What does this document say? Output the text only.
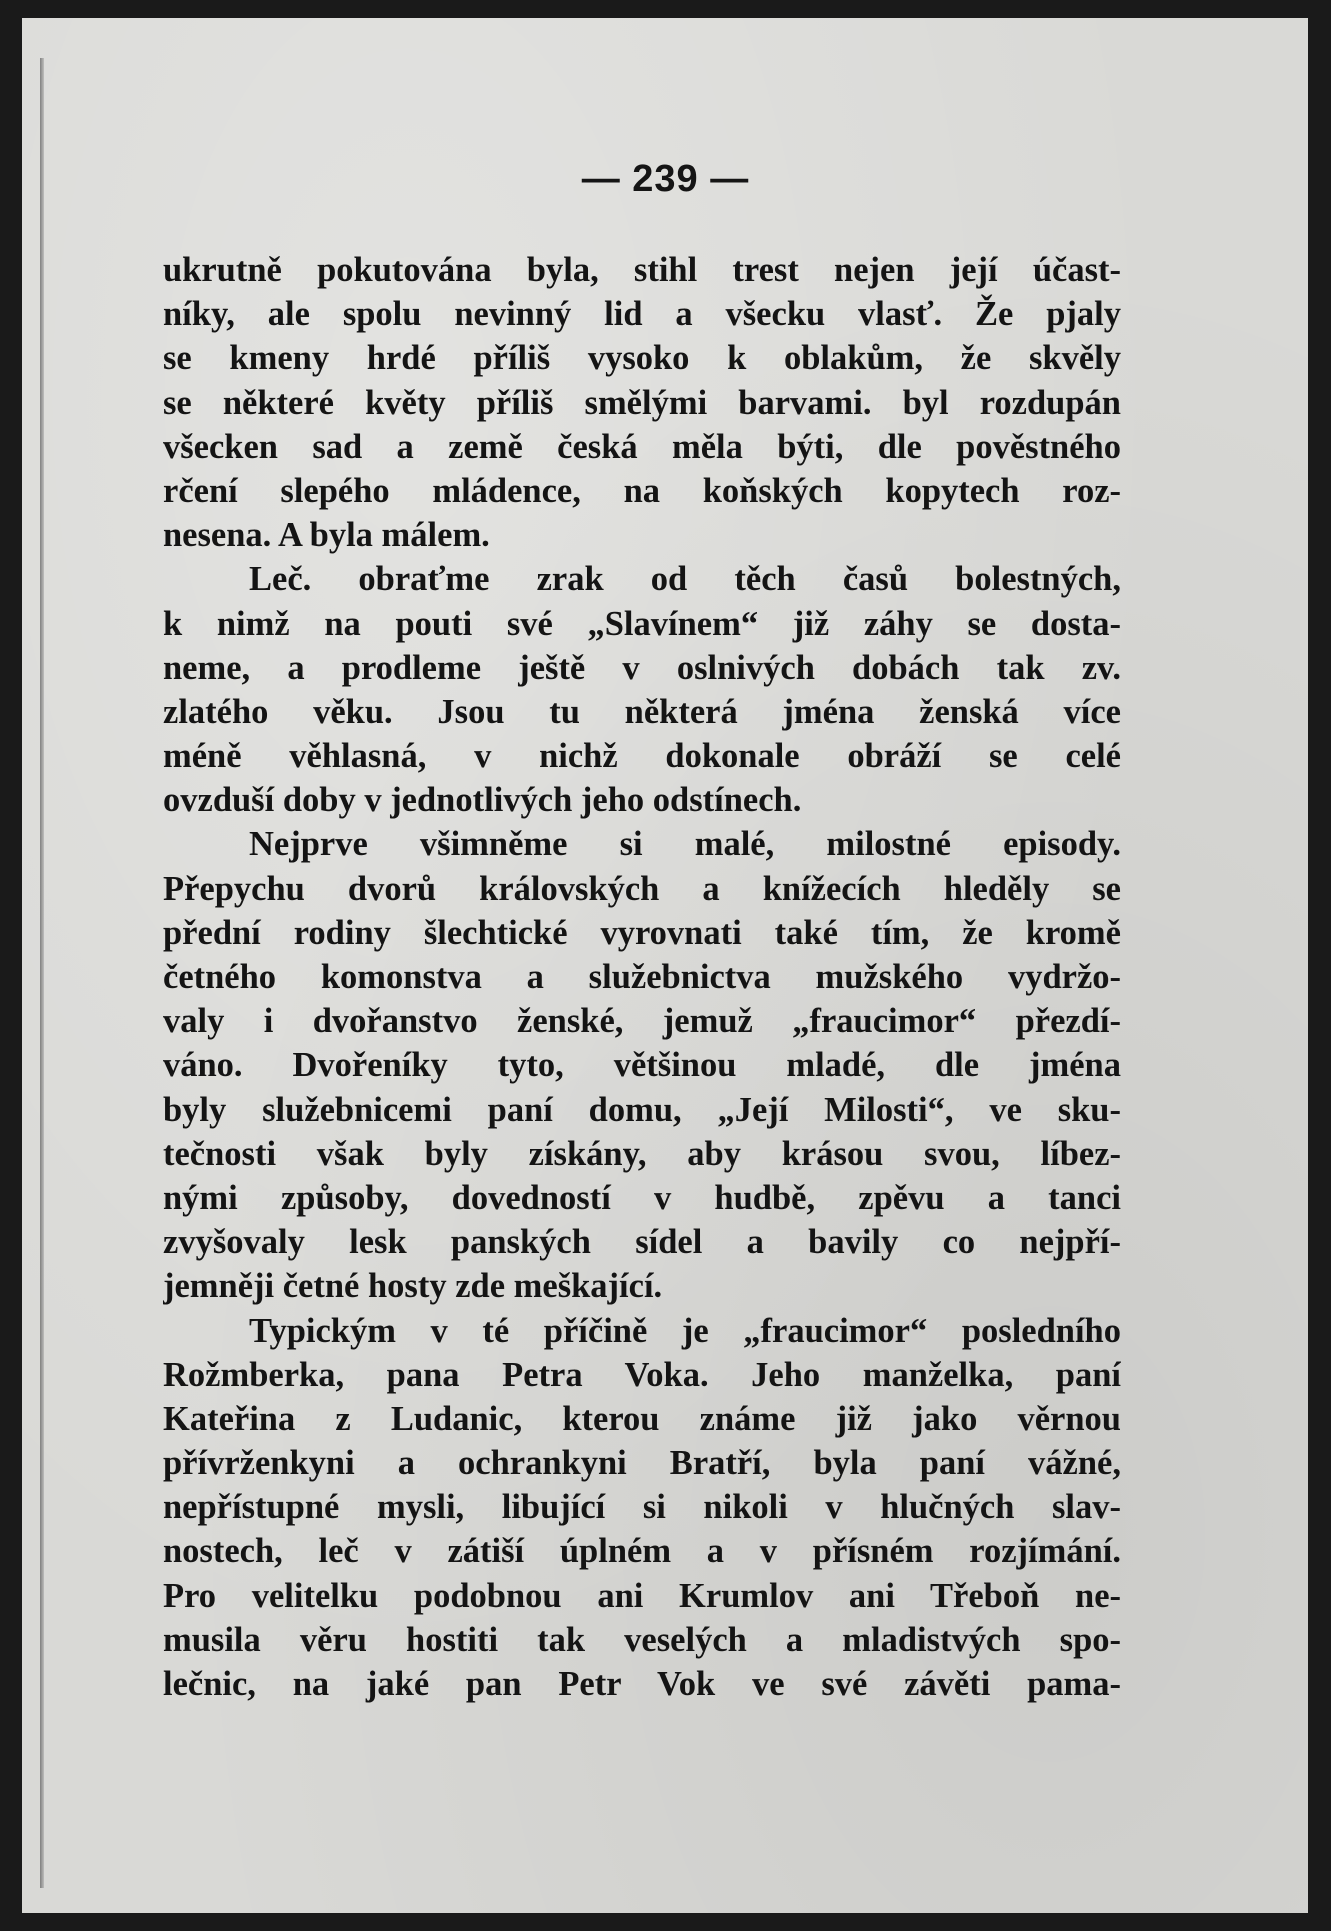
— 239 —
ukrutně pokutována byla, stihl trest nejen její účast-
níky, ale spolu nevinný lid a všecku vlasť. Že pjaly
se kmeny hrdé příliš vysoko k oblakům, že skvěly
se některé květy příliš smělými barvami. byl rozdupán
všecken sad a země česká měla býti, dle pověstného
rčení slepého mládence, na koňských kopytech roz-
nesena. A byla málem.
Leč. obraťme zrak od těch časů bolestných,
k nimž na pouti své „Slavínem“ již záhy se dosta-
neme, a prodleme ještě v oslnivých dobách tak zv.
zlatého věku. Jsou tu některá jména ženská více
méně věhlasná, v nichž dokonale obráží se celé
ovzduší doby v jednotlivých jeho odstínech.
Nejprve všimněme si malé, milostné episody.
Přepychu dvorů královských a knížecích hleděly se
přední rodiny šlechtické vyrovnati také tím, že kromě
četného komonstva a služebnictva mužského vydržo-
valy i dvořanstvo ženské, jemuž „fraucimor“ přezdí-
váno. Dvořeníky tyto, většinou mladé, dle jména
byly služebnicemi paní domu, „Její Milosti“, ve sku-
tečnosti však byly získány, aby krásou svou, líbez-
nými způsoby, dovedností v hudbě, zpěvu a tanci
zvyšovaly lesk panských sídel a bavily co nejpří-
jemněji četné hosty zde meškající.
Typickým v té příčině je „fraucimor“ posledního
Rožmberka, pana Petra Voka. Jeho manželka, paní
Kateřina z Ludanic, kterou známe již jako věrnou
přívrženkyni a ochrankyni Bratří, byla paní vážné,
nepřístupné mysli, libující si nikoli v hlučných slav-
nostech, leč v zátiší úplném a v přísném rozjímání.
Pro velitelku podobnou ani Krumlov ani Třeboň ne-
musila věru hostiti tak veselých a mladistvých spo-
lečnic, na jaké pan Petr Vok ve své závěti pama-
